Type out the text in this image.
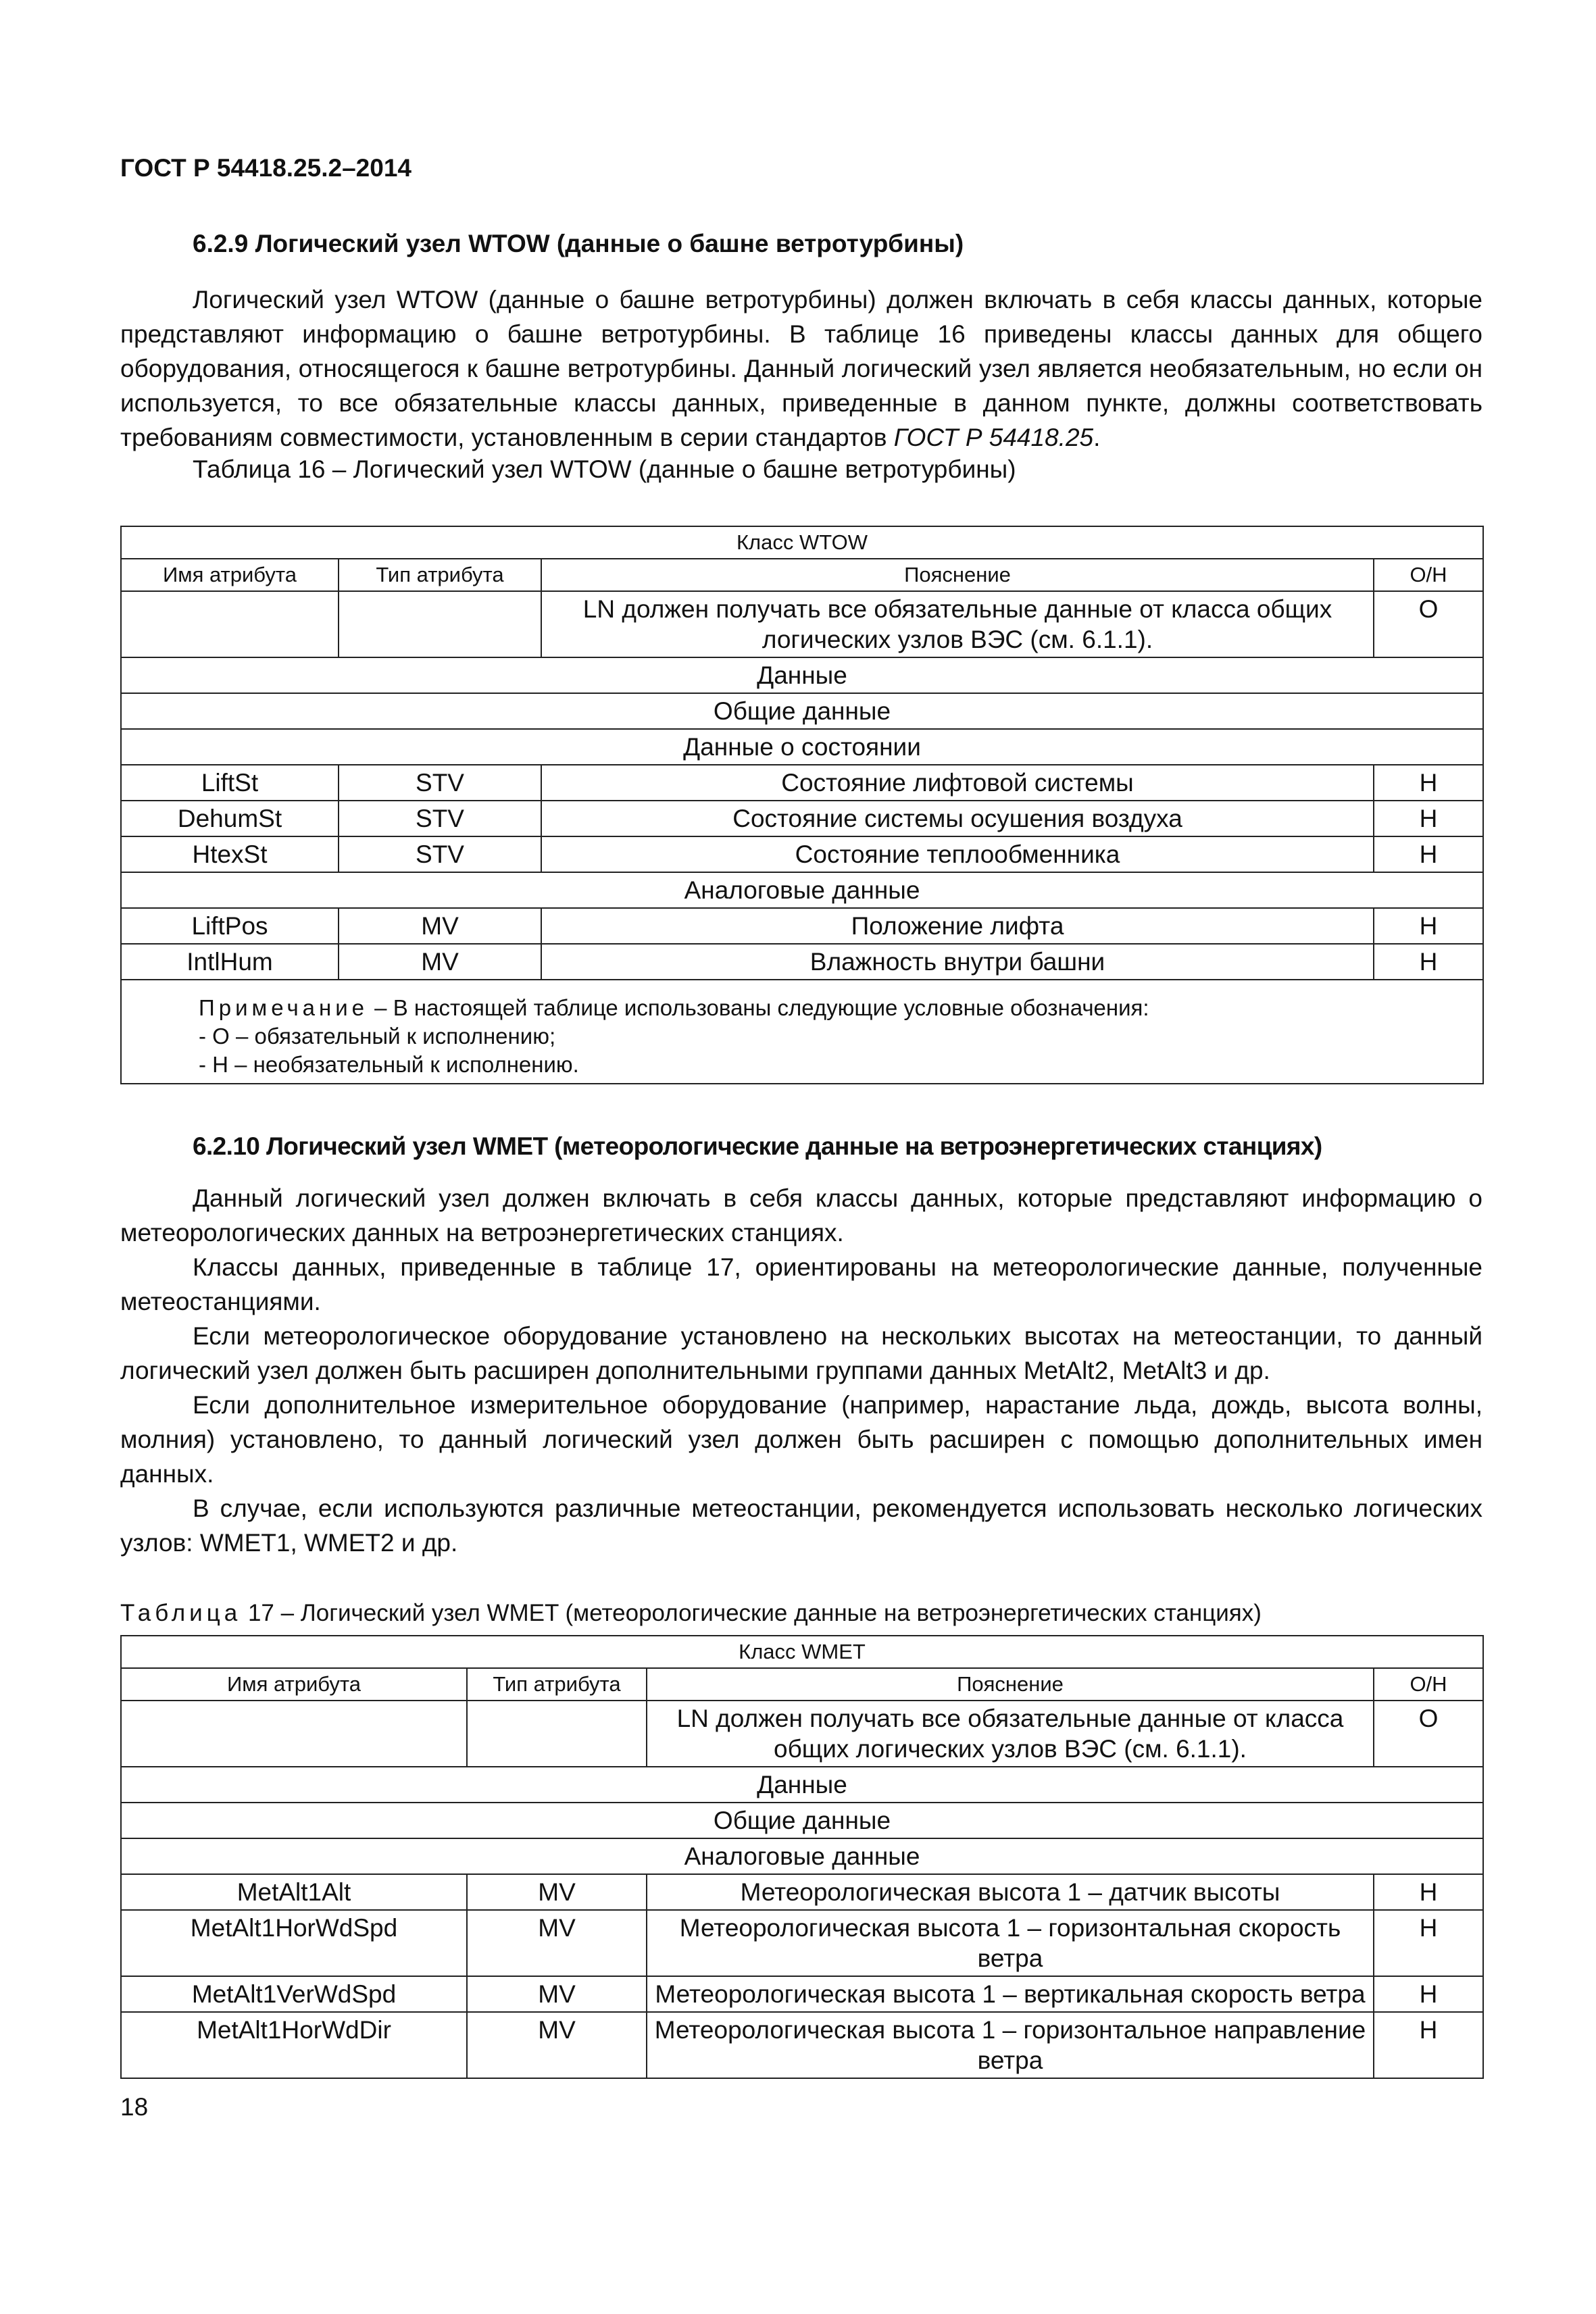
ГОСТ Р 54418.25.2–2014
6.2.9 Логический узел WTOW (данные о башне ветротурбины)

Логический узел WTOW (данные о башне ветротурбины) должен включать в себя классы данных, которые представляют информацию о башне ветротурбины. В таблице 16 приведены классы данных для общего оборудования, относящегося к башне ветротурбины. Данный логический узел является необязательным, но если он используется, то все обязательные классы данных, приведенные в данном пункте, должны соответствовать требованиям совместимости, установленным в серии стандартов ГОСТ Р 54418.25.

Таблица 16 – Логический узел WTOW (данные о башне ветротурбины)

Класс WTOW			
Имя атрибута	Тип атрибута	Пояснение	О/Н
		LN должен получать все обязательные данные от класса общих логических узлов ВЭС (см. 6.1.1).	О
Данные			
Общие данные			
Данные о состоянии			
LiftSt	STV	Состояние лифтовой системы	Н
DehumSt	STV	Состояние системы осушения воздуха	Н
HtexSt	STV	Состояние теплообменника	Н
Аналоговые данные			
LiftPos	MV	Положение лифта	Н
IntlHum	MV	Влажность внутри башни	Н

Примечание – В настоящей таблице использованы следующие условные обозначения:
- О – обязательный к исполнению;
- Н – необязательный к исполнению.			
6.2.10 Логический узел WMET (метеорологические данные на ветроэнергетических станциях)

Данный логический узел должен включать в себя классы данных, которые представляют информацию о метеорологических данных на ветроэнергетических станциях.

Классы данных, приведенные в таблице 17, ориентированы на метеорологические данные, полученные метеостанциями.

Если метеорологическое оборудование установлено на нескольких высотах на метеостанции, то данный логический узел должен быть расширен дополнительными группами данных MetAlt2, MetAlt3 и др.

Если дополнительное измерительное оборудование (например, нарастание льда, дождь, высота волны, молния) установлено, то данный логический узел должен быть расширен с помощью дополнительных имен данных.

В случае, если используются различные метеостанции, рекомендуется использовать несколько логических узлов: WMET1, WMET2 и др.

Таблица 17 – Логический узел WMET (метеорологические данные на ветроэнергетических станциях)

Класс WMET			
Имя атрибута	Тип атрибута	Пояснение	О/Н
		LN должен получать все обязательные данные от класса общих логических узлов ВЭС (см. 6.1.1).	О
Данные			
Общие данные			
Аналоговые данные			
MetAlt1Alt	MV	Метеорологическая высота 1 – датчик высоты	Н
MetAlt1HorWdSpd	MV	Метеорологическая высота 1 – горизонтальная скорость ветра	Н
MetAlt1VerWdSpd	MV	Метеорологическая высота 1 – вертикальная скорость ветра	Н
MetAlt1HorWdDir	MV	Метеорологическая высота 1 – горизонтальное направление ветра	Н
18
